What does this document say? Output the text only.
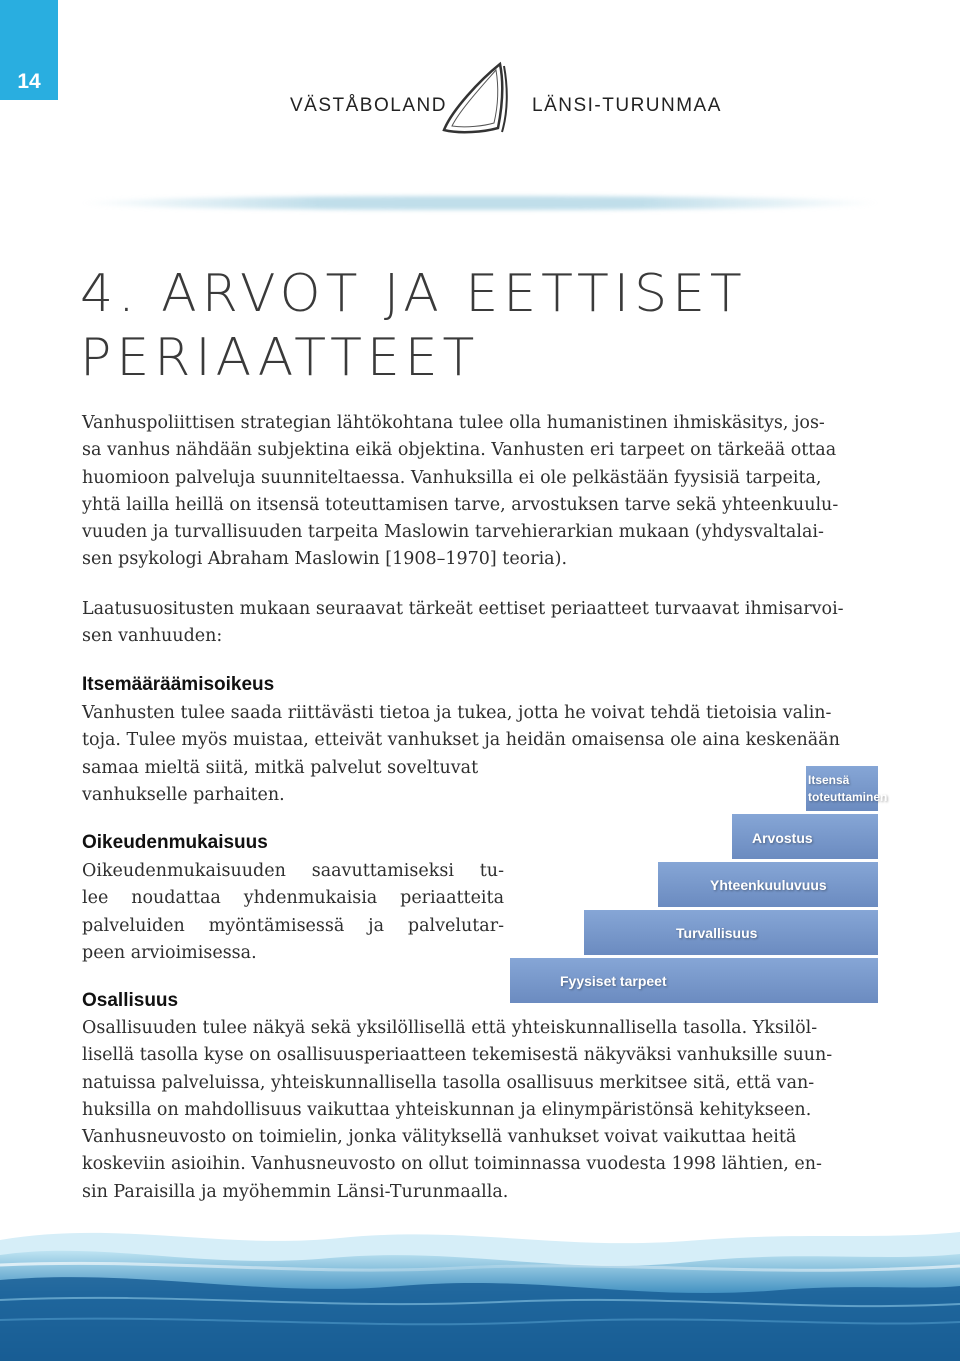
14
VÄSTÅBOLAND	LÄNSI-TURUNMAA
4. ARVOT JA EETTISET
PERIAATTEET
Vanhuspoliittisen strategian lähtökohtana tulee olla humanistinen ihmiskäsitys, jos-
sa vanhus nähdään subjektina eikä objektina. Vanhusten eri tarpeet on tärkeää ottaa
huomioon palveluja suunniteltaessa. Vanhuksilla ei ole pelkästään fyysisiä tarpeita,
yhtä lailla heillä on itsensä toteuttamisen tarve, arvostuksen tarve sekä yhteenkuulu-
vuuden ja turvallisuuden tarpeita Maslowin tarvehierarkian mukaan (yhdysvaltalai-
sen psykologi Abraham Maslowin [1908–1970] teoria).
Laatusuositusten mukaan seuraavat tärkeät eettiset periaatteet turvaavat ihmisarvoi-
sen vanhuuden:
Itsemääräämisoikeus
Vanhusten tulee saada riittävästi tietoa ja tukea, jotta he voivat tehdä tietoisia valin-
toja. Tulee myös muistaa, etteivät vanhukset ja heidän omaisensa ole aina keskenään
samaa mieltä siitä, mitkä palvelut soveltuvat
vanhukselle parhaiten.
Oikeudenmukaisuus
Oikeudenmukaisuuden saavuttamiseksi tu-
lee noudattaa yhdenmukaisia periaatteita
palveluiden myöntämisessä ja palvelutar-
peen arvioimisessa.
Fyysiset tarpeet
Turvallisuus
Yhteenkuuluvuus
Arvostus
Itsensä
toteuttaminen
Osallisuus
Osallisuuden tulee näkyä sekä yksilöllisellä että yhteiskunnallisella tasolla. Yksilöl-
lisellä tasolla kyse on osallisuusperiaatteen tekemisestä näkyväksi vanhuksille suun-
natuissa palveluissa, yhteiskunnallisella tasolla osallisuus merkitsee sitä, että van-
huksilla on mahdollisuus vaikuttaa yhteiskunnan ja elinympäristönsä kehitykseen.
Vanhusneuvosto on toimielin, jonka välityksellä vanhukset voivat vaikuttaa heitä
koskeviin asioihin. Vanhusneuvosto on ollut toiminnassa vuodesta 1998 lähtien, en-
sin Paraisilla ja myöhemmin Länsi-Turunmaalla.
